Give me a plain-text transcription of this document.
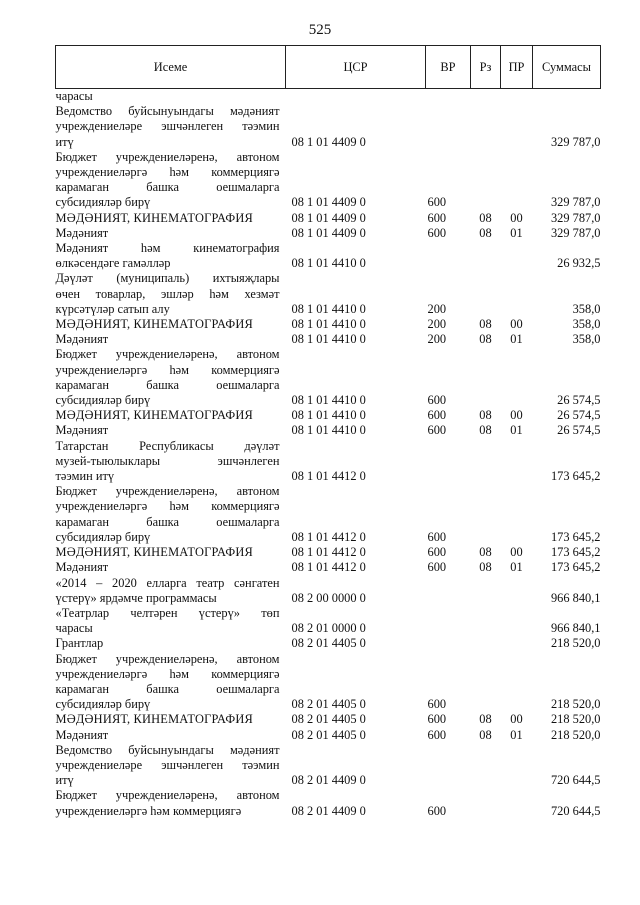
525
Исеме	ЦСР	ВР	Рз	ПР	Суммасы

чарасы					

Ведомство буйсынуындагы мәдәният
учреждениеләре эшчәнлеген тәэмин
итү	08 1 01 4409 0				329 787,0

Бюджет учреждениеләренә, автоном
учреждениеләргә һәм коммерциягә
карамаган башка оешмаларга
субсидияләр бирү	08 1 01 4409 0	600			329 787,0

МӘДӘНИЯТ, КИНЕМАТОГРАФИЯ	08 1 01 4409 0	600	08	00	329 787,0

Мәдәният	08 1 01 4409 0	600	08	01	329 787,0

Мәдәният һәм кинематография
өлкәсендәге гамәлләр	08 1 01 4410 0				26 932,5

Дәүләт (муниципаль) ихтыяҗлары
өчен товарлар, эшләр һәм хезмәт
күрсәтүләр сатып алу	08 1 01 4410 0	200			358,0

МӘДӘНИЯТ, КИНЕМАТОГРАФИЯ	08 1 01 4410 0	200	08	00	358,0

Мәдәният	08 1 01 4410 0	200	08	01	358,0

Бюджет учреждениеләренә, автоном
учреждениеләргә һәм коммерциягә
карамаган башка оешмаларга
субсидияләр бирү	08 1 01 4410 0	600			26 574,5

МӘДӘНИЯТ, КИНЕМАТОГРАФИЯ	08 1 01 4410 0	600	08	00	26 574,5

Мәдәният	08 1 01 4410 0	600	08	01	26 574,5

Татарстан Республикасы дәүләт
музей-тыюлыклары эшчәнлеген
тәэмин итү	08 1 01 4412 0				173 645,2

Бюджет учреждениеләренә, автоном
учреждениеләргә һәм коммерциягә
карамаган башка оешмаларга
субсидияләр бирү	08 1 01 4412 0	600			173 645,2

МӘДӘНИЯТ, КИНЕМАТОГРАФИЯ	08 1 01 4412 0	600	08	00	173 645,2

Мәдәният	08 1 01 4412 0	600	08	01	173 645,2

«2014 – 2020 елларга театр сәнгатен
үстерү» ярдәмче программасы	08 2 00 0000 0				966 840,1

«Театрлар челтәрен үстерү» төп
чарасы	08 2 01 0000 0				966 840,1

Грантлар	08 2 01 4405 0				218 520,0

Бюджет учреждениеләренә, автоном
учреждениеләргә һәм коммерциягә
карамаган башка оешмаларга
субсидияләр бирү	08 2 01 4405 0	600			218 520,0

МӘДӘНИЯТ, КИНЕМАТОГРАФИЯ	08 2 01 4405 0	600	08	00	218 520,0

Мәдәният	08 2 01 4405 0	600	08	01	218 520,0

Ведомство буйсынуындагы мәдәният
учреждениеләре эшчәнлеген тәэмин
итү	08 2 01 4409 0				720 644,5

Бюджет учреждениеләренә, автоном
учреждениеләргә һәм коммерциягә	08 2 01 4409 0	600			720 644,5
